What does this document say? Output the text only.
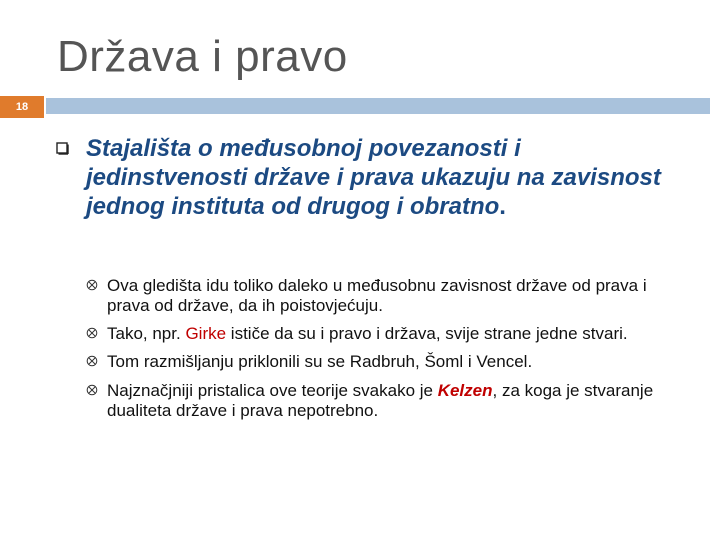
Država i pravo
18
Stajališta o međusobnoj povezanosti i jedinstvenosti države i prava ukazuju na zavisnost jednog instituta od drugog i obratno.
Ova gledišta idu toliko daleko u međusobnu zavisnost države od prava i prava od države, da ih poistovjećuju.
Tako, npr. Girke ističe da su i pravo i država, svije strane jedne stvari.
Tom razmišljanju priklonili su se Radbruh, Šoml i Vencel.
Najznačjniji pristalica ove teorije svakako je Kelzen, za koga je stvaranje dualiteta države i prava nepotrebno.
